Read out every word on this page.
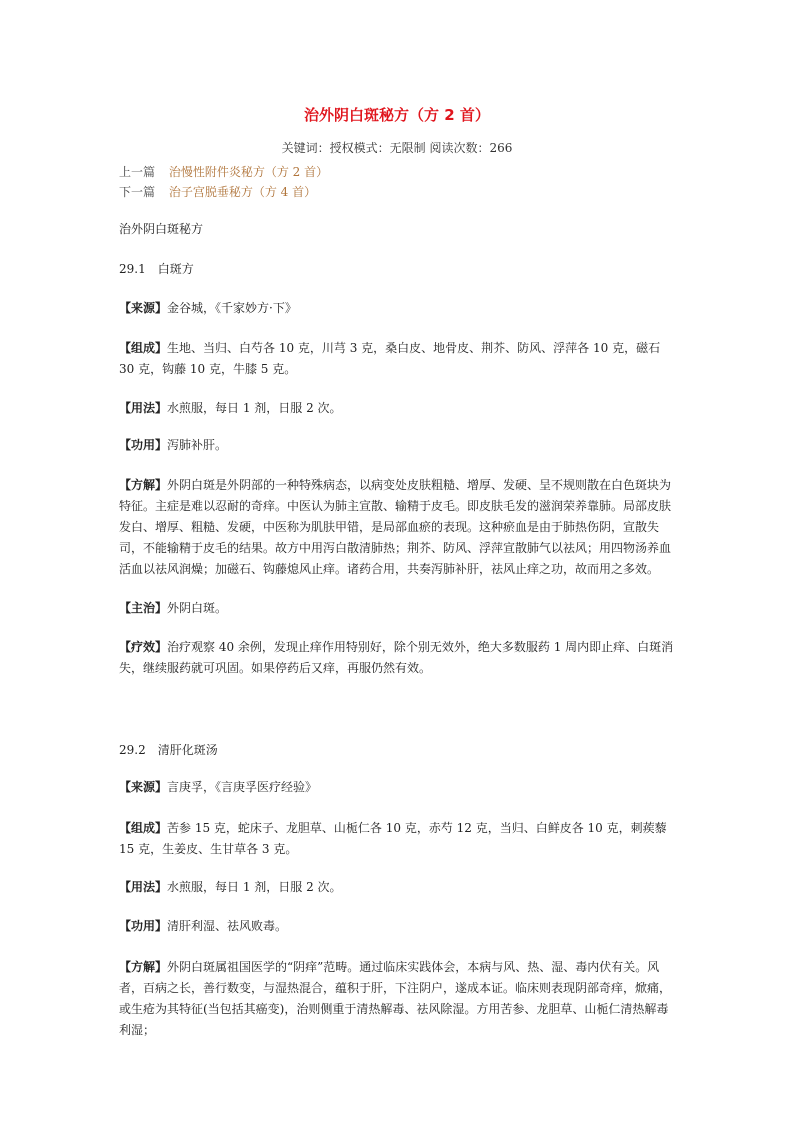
治外阴白斑秘方（方 2 首）
关键词：授权模式：无限制 阅读次数：266
上一篇 治慢性附件炎秘方（方 2 首）
下一篇 治子宫脱垂秘方（方 4 首）
治外阴白斑秘方
29.1　白斑方
【来源】金谷城，《千家妙方·下》
【组成】生地、当归、白芍各 10 克，川芎 3 克，桑白皮、地骨皮、荆芥、防风、浮萍各 10 克，磁石 30 克，钩藤 10 克，牛膝 5 克。
【用法】水煎服，每日 1 剂，日服 2 次。
【功用】泻肺补肝。
【方解】外阴白斑是外阴部的一种特殊病态，以病变处皮肤粗糙、增厚、发硬、呈不规则散在白色斑块为特征。主症是难以忍耐的奇痒。中医认为肺主宣散、输精于皮毛。即皮肤毛发的滋润荣养靠肺。局部皮肤发白、增厚、粗糙、发硬，中医称为肌肤甲错，是局部血瘀的表现。这种瘀血是由于肺热伤阴，宣散失司，不能输精于皮毛的结果。故方中用泻白散清肺热；荆芥、防风、浮萍宣散肺气以祛风；用四物汤养血活血以祛风润燥；加磁石、钩藤熄风止痒。诸药合用，共奏泻肺补肝，祛风止痒之功，故而用之多效。
【主治】外阴白斑。
【疗效】治疗观察 40 余例，发现止痒作用特别好，除个别无效外，绝大多数服药 1 周内即止痒、白斑消失，继续服药就可巩固。如果停药后又痒，再服仍然有效。
29.2　清肝化斑汤
【来源】言庚孚，《言庚孚医疗经验》
【组成】苦参 15 克，蛇床子、龙胆草、山栀仁各 10 克，赤芍 12 克，当归、白鲜皮各 10 克，刺蒺藜 15 克，生姜皮、生甘草各 3 克。
【用法】水煎服，每日 1 剂，日服 2 次。
【功用】清肝利湿、祛风败毒。
【方解】外阴白斑属祖国医学的“阴痒”范畴。通过临床实践体会，本病与风、热、湿、毒内伏有关。风者，百病之长，善行数变，与湿热混合，蕴积于肝，下注阴户，遂成本证。临床则表现阴部奇痒，焮痛，或生疮为其特征(当包括其癌变)，治则侧重于清热解毒、祛风除湿。方用苦参、龙胆草、山栀仁清热解毒利湿；
